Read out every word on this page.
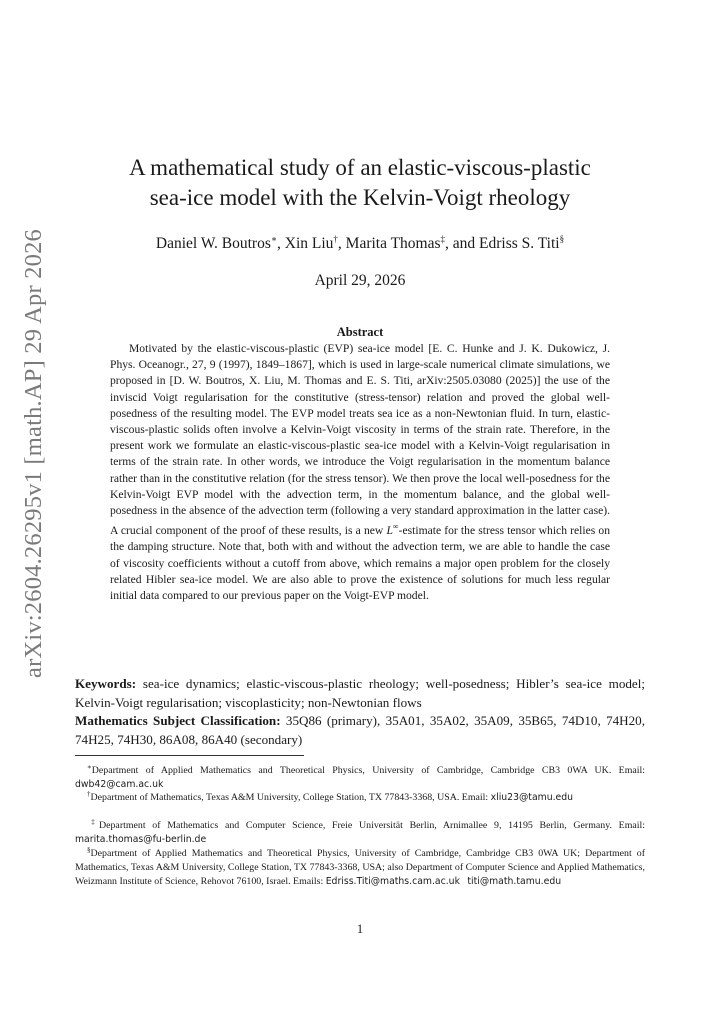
arXiv:2604.26295v1 [math.AP] 29 Apr 2026
A mathematical study of an elastic-viscous-plastic
sea-ice model with the Kelvin-Voigt rheology
Daniel W. Boutros∗, Xin Liu†, Marita Thomas‡, and Edriss S. Titi§
April 29, 2026
Abstract
Motivated by the elastic-viscous-plastic (EVP) sea-ice model [E. C. Hunke and J. K. Dukowicz, J. Phys. Oceanogr., 27, 9 (1997), 1849–1867], which is used in large-scale numerical climate simulations, we proposed in [D. W. Boutros, X. Liu, M. Thomas and E. S. Titi, arXiv:2505.03080 (2025)] the use of the inviscid Voigt regularisation for the constitutive (stress-tensor) relation and proved the global well-posedness of the resulting model. The EVP model treats sea ice as a non-Newtonian fluid. In turn, elastic-viscous-plastic solids often involve a Kelvin-Voigt viscosity in terms of the strain rate. Therefore, in the present work we formulate an elastic-viscous-plastic sea-ice model with a Kelvin-Voigt regularisation in terms of the strain rate. In other words, we introduce the Voigt regularisation in the momentum balance rather than in the constitutive relation (for the stress tensor). We then prove the local well-posedness for the Kelvin-Voigt EVP model with the advection term, in the momentum balance, and the global well-posedness in the absence of the advection term (following a very standard approximation in the latter case). A crucial component of the proof of these results, is a new L∞-estimate for the stress tensor which relies on the damping structure. Note that, both with and without the advection term, we are able to handle the case of viscosity coefficients without a cutoff from above, which remains a major open problem for the closely related Hibler sea-ice model. We are also able to prove the existence of solutions for much less regular initial data compared to our previous paper on the Voigt-EVP model.
Keywords: sea-ice dynamics; elastic-viscous-plastic rheology; well-posedness; Hibler’s sea-ice model; Kelvin-Voigt regularisation; viscoplasticity; non-Newtonian flows
Mathematics Subject Classification: 35Q86 (primary), 35A01, 35A02, 35A09, 35B65, 74D10, 74H20, 74H25, 74H30, 86A08, 86A40 (secondary)
∗Department of Applied Mathematics and Theoretical Physics, University of Cambridge, Cambridge CB3 0WA UK. Email: dwb42@cam.ac.uk
†Department of Mathematics, Texas A&M University, College Station, TX 77843-3368, USA. Email: xliu23@tamu.edu
‡Department of Mathematics and Computer Science, Freie Universität Berlin, Arnimallee 9, 14195 Berlin, Germany. Email: marita.thomas@fu-berlin.de
§Department of Applied Mathematics and Theoretical Physics, University of Cambridge, Cambridge CB3 0WA UK; Department of Mathematics, Texas A&M University, College Station, TX 77843-3368, USA; also Department of Computer Science and Applied Mathematics, Weizmann Institute of Science, Rehovot 76100, Israel. Emails: Edriss.Titi@maths.cam.ac.uk titi@math.tamu.edu
1
